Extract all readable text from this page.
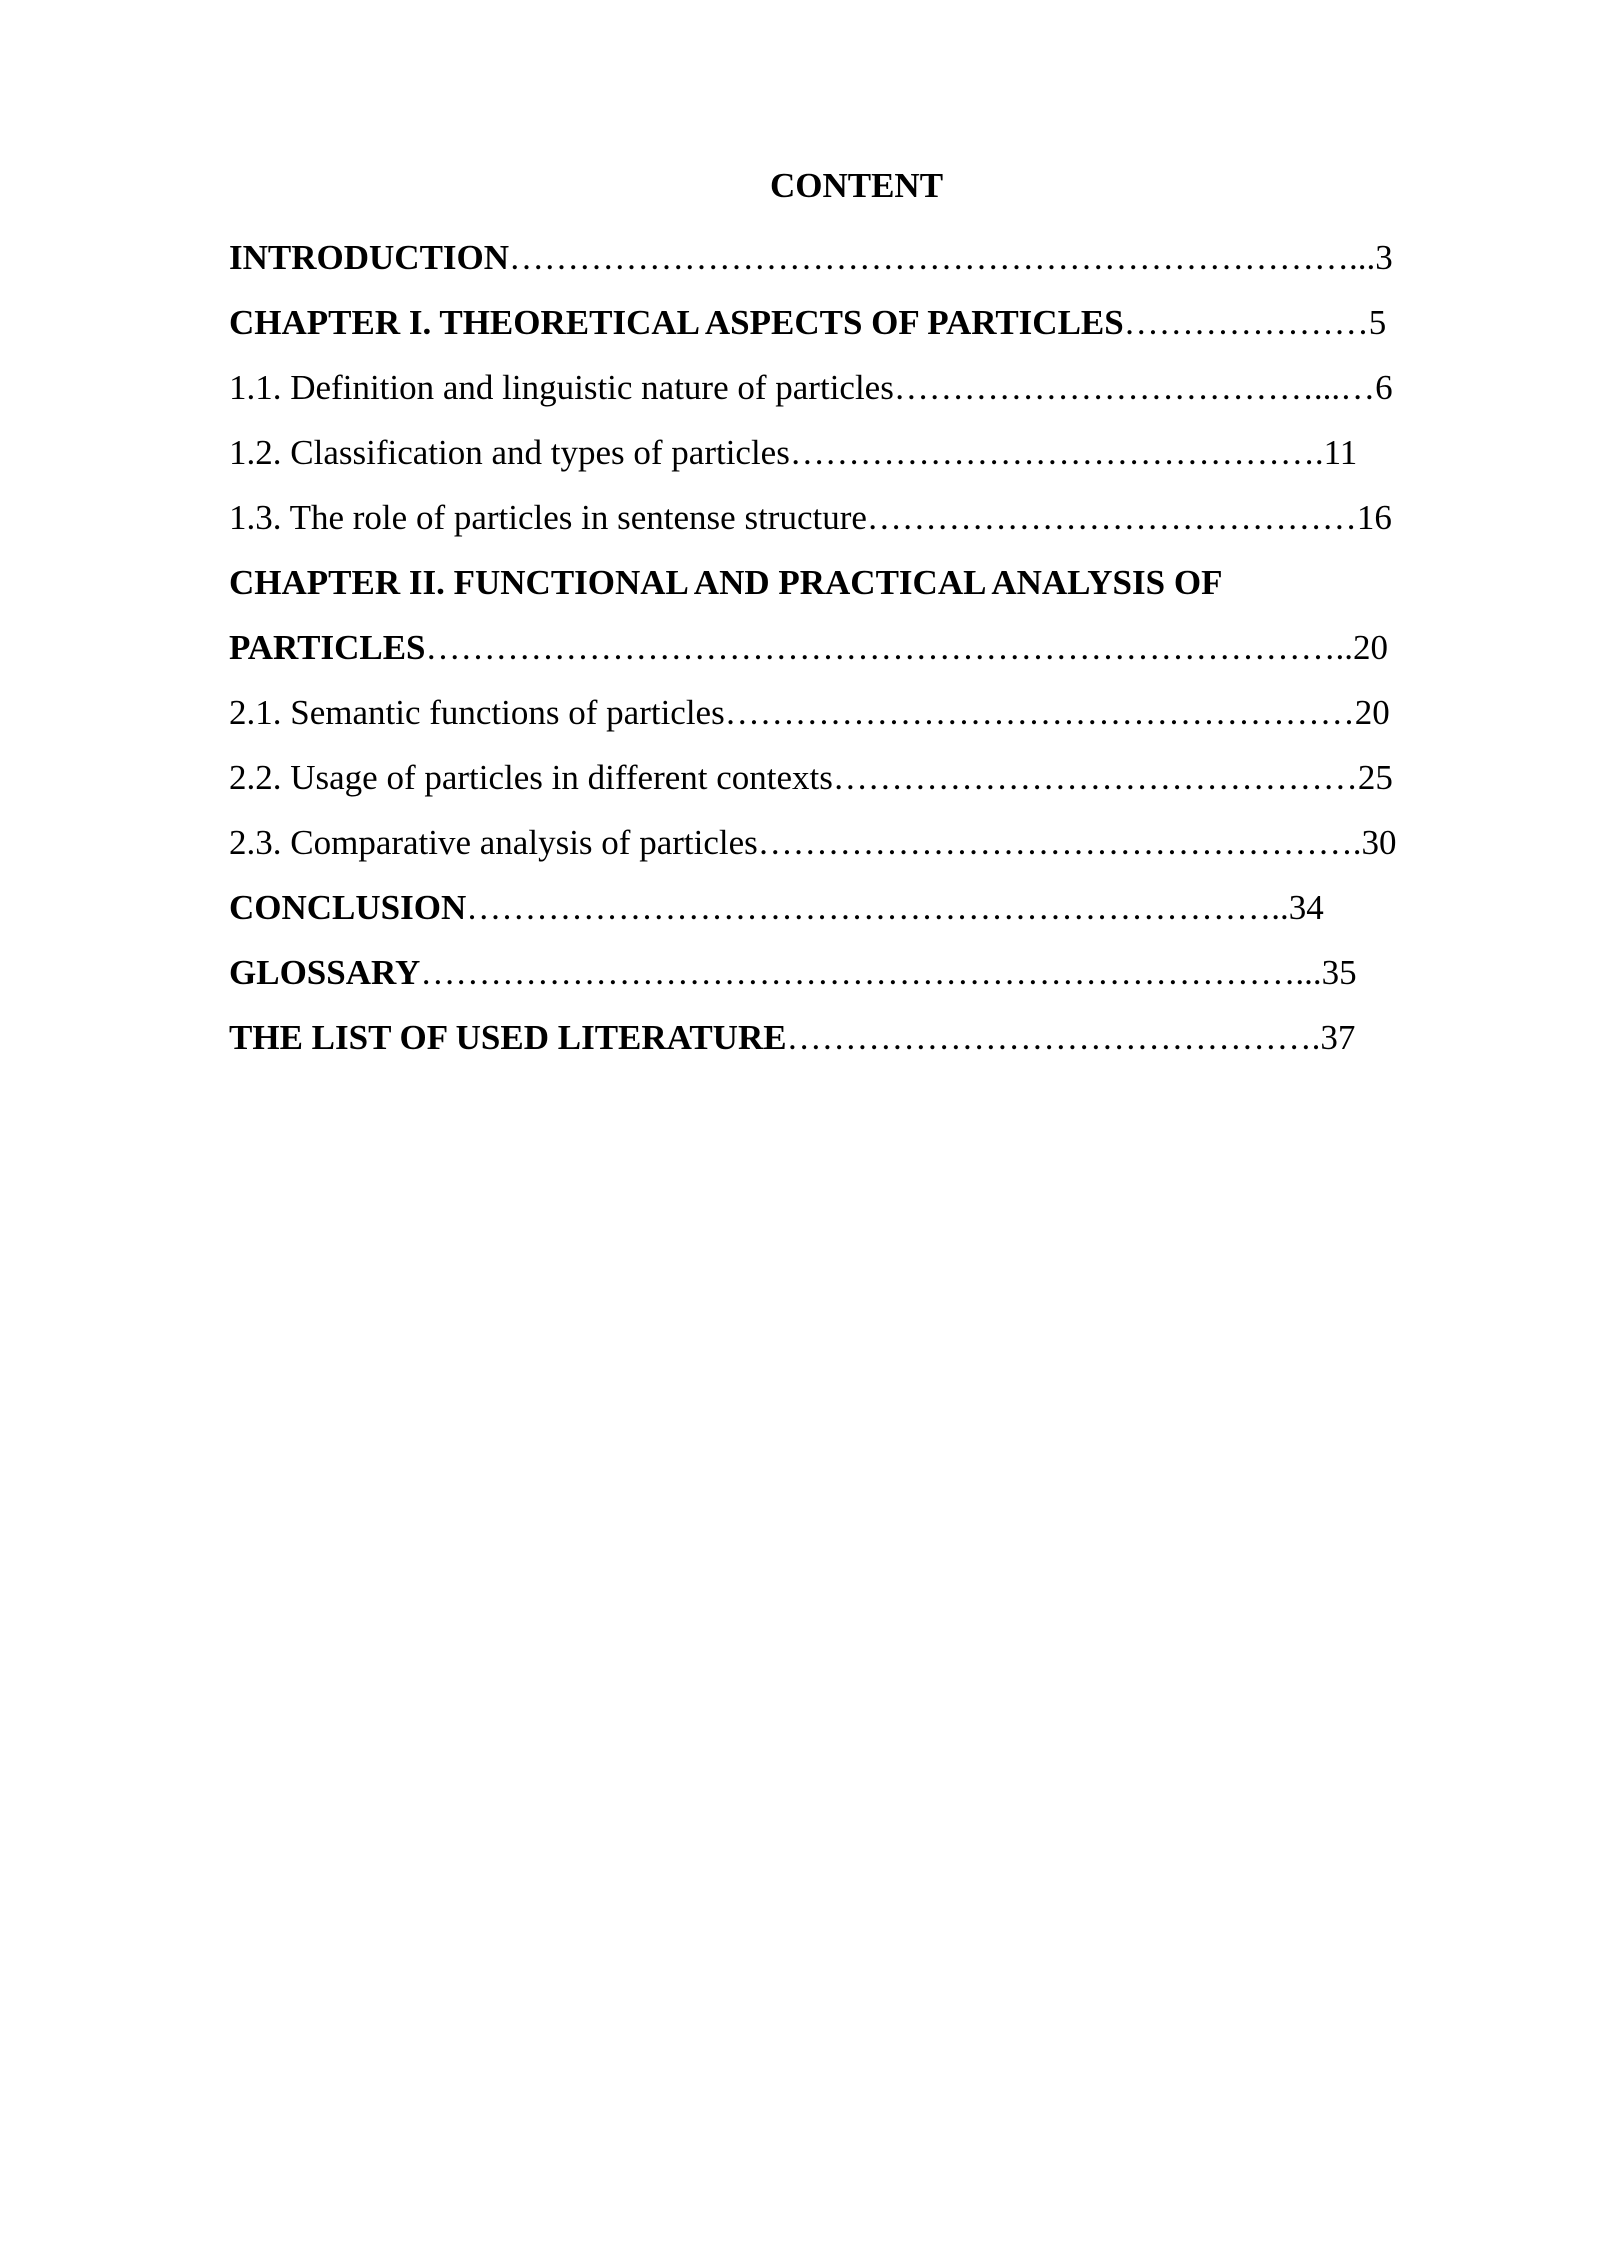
CONTENT
INTRODUCTION………………………………………………………………...3
CHAPTER I. THEORETICAL ASPECTS OF PARTICLES…………………5
1.1. Definition and linguistic nature of particles………………………………...…6
1.2. Classification and types of particles……………………………………….11
1.3. The role of particles in sentense structure……………………………………16
CHAPTER II. FUNCTIONAL AND PRACTICAL ANALYSIS OF
PARTICLES……………………………………………………………………..20
2.1. Semantic functions of particles………………………………………………20
2.2. Usage of particles in different contexts………………………………………25
2.3. Comparative analysis of particles…………………………………………….30
CONCLUSION……………………………………………………………..34
GLOSSARY…………………………………………………………………...35
THE LIST OF USED LITERATURE……………………………………….37
